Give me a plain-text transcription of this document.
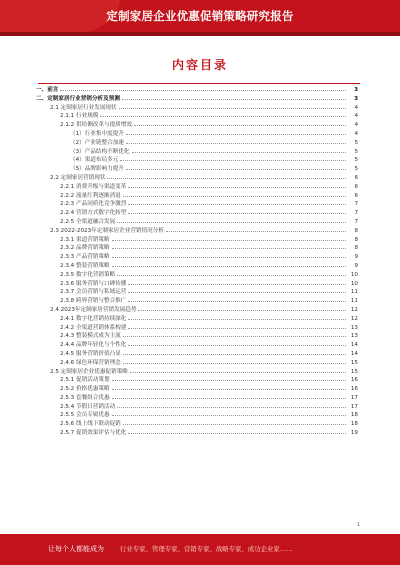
定制家居企业优惠促销策略研究报告
内容目录
一、前言	3
二、定制家居行业营销分析及预测	3
2.1 定制家居行业发展现状	4
2.1.1 行业规模	4
2.1.2 供给侧改革与提质增效	4
（1）行业集中度提升	4
（2）产业链整合加速	5
（3）产品结构不断优化	5
（4）渠道布局多元	5
（5）品牌影响力提升	5
2.2 定制家居营销现状	6
2.2.1 消费升级与渠道变革	6
2.2.2 流量红利逐渐消退	6
2.2.3 产品同质化竞争激烈	7
2.2.4 营销方式数字化转型	7
2.2.5 全渠道融合发展	7
2.3 2022-2023年定制家居企业营销情况分析	8
2.3.1 渠道营销策略	8
2.3.2 品牌营销策略	8
2.3.3 产品营销策略	9
2.3.4 整装营销策略	9
2.3.5 数字化营销策略	10
2.3.6 服务营销与口碑传播	10
2.3.7 会员营销与私域运营	11
2.3.8 跨界营销与整合推广	11
2.4 2023年定制家居营销发展趋势	12
2.4.1 数字化营销持续深化	12
2.4.2 全渠道营销体系构建	13
2.4.3 整装模式成为主流	13
2.4.4 品牌年轻化与个性化	14
2.4.5 服务营销价值凸显	14
2.4.6 绿色环保营销理念	15
2.5 定制家居企业优惠促销策略	15
2.5.1 促销活动策划	16
2.5.2 价格优惠策略	16
2.5.3 套餐组合优惠	17
2.5.4 节假日营销活动	17
2.5.5 会员专属优惠	18
2.5.6 线上线下联动促销	18
2.5.7 促销效果评估与优化	19
1
让每个人都能成为	行业专家、管理专家、营销专家、战略专家、成功企业家……
